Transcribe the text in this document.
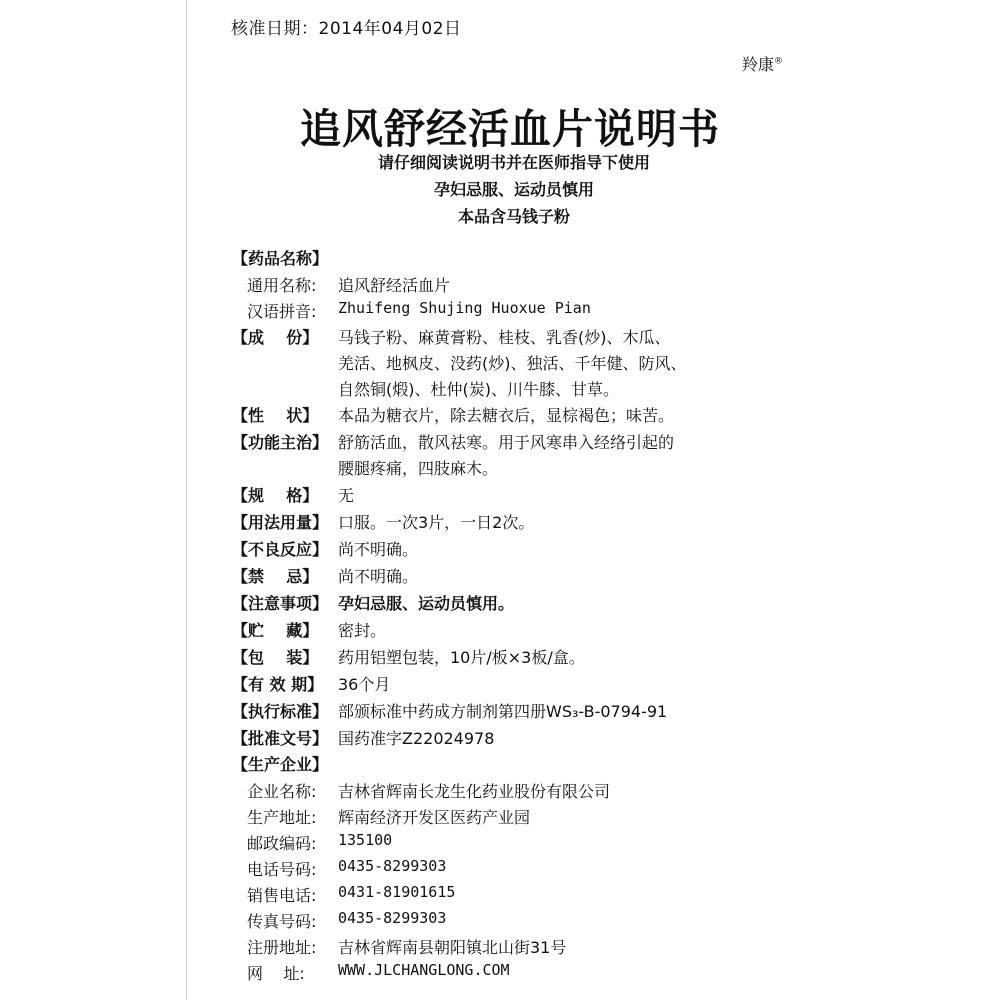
核准日期：2014年04月02日
羚康®
追风舒经活血片说明书
请仔细阅读说明书并在医师指导下使用
孕妇忌服、运动员慎用
本品含马钱子粉
【药品名称】
通用名称:	追风舒经活血片
汉语拼音:	Zhuifeng Shujing Huoxue Pian
【成    份】	马钱子粉、麻黄膏粉、桂枝、乳香(炒)、木瓜、
羌活、地枫皮、没药(炒)、独活、千年健、防风、
自然铜(煅)、杜仲(炭)、川牛膝、甘草。
【性    状】	本品为糖衣片，除去糖衣后，显棕褐色；味苦。
【功能主治】 舒筋活血，散风祛寒。用于风寒串入经络引起的
腰腿疼痛，四肢麻木。
【规    格】	无
【用法用量】 口服。一次3片，一日2次。
【不良反应】 尚不明确。
【禁    忌】	尚不明确。
【注意事项】 孕妇忌服、运动员慎用。
【贮    藏】	密封。
【包    装】	药用铝塑包装，10片/板×3板/盒。
【有 效 期】 36个月
【执行标准】 部颁标准中药成方制剂第四册WS₃-B-0794-91
【批准文号】 国药准字Z22024978
【生产企业】
企业名称:	吉林省辉南长龙生化药业股份有限公司
生产地址:	辉南经济开发区医药产业园
邮政编码:	135100
电话号码:	0435-8299303
销售电话:	0431-81901615
传真号码:	0435-8299303
注册地址:	吉林省辉南县朝阳镇北山街31号
网    址:	WWW.JLCHANGLONG.COM
